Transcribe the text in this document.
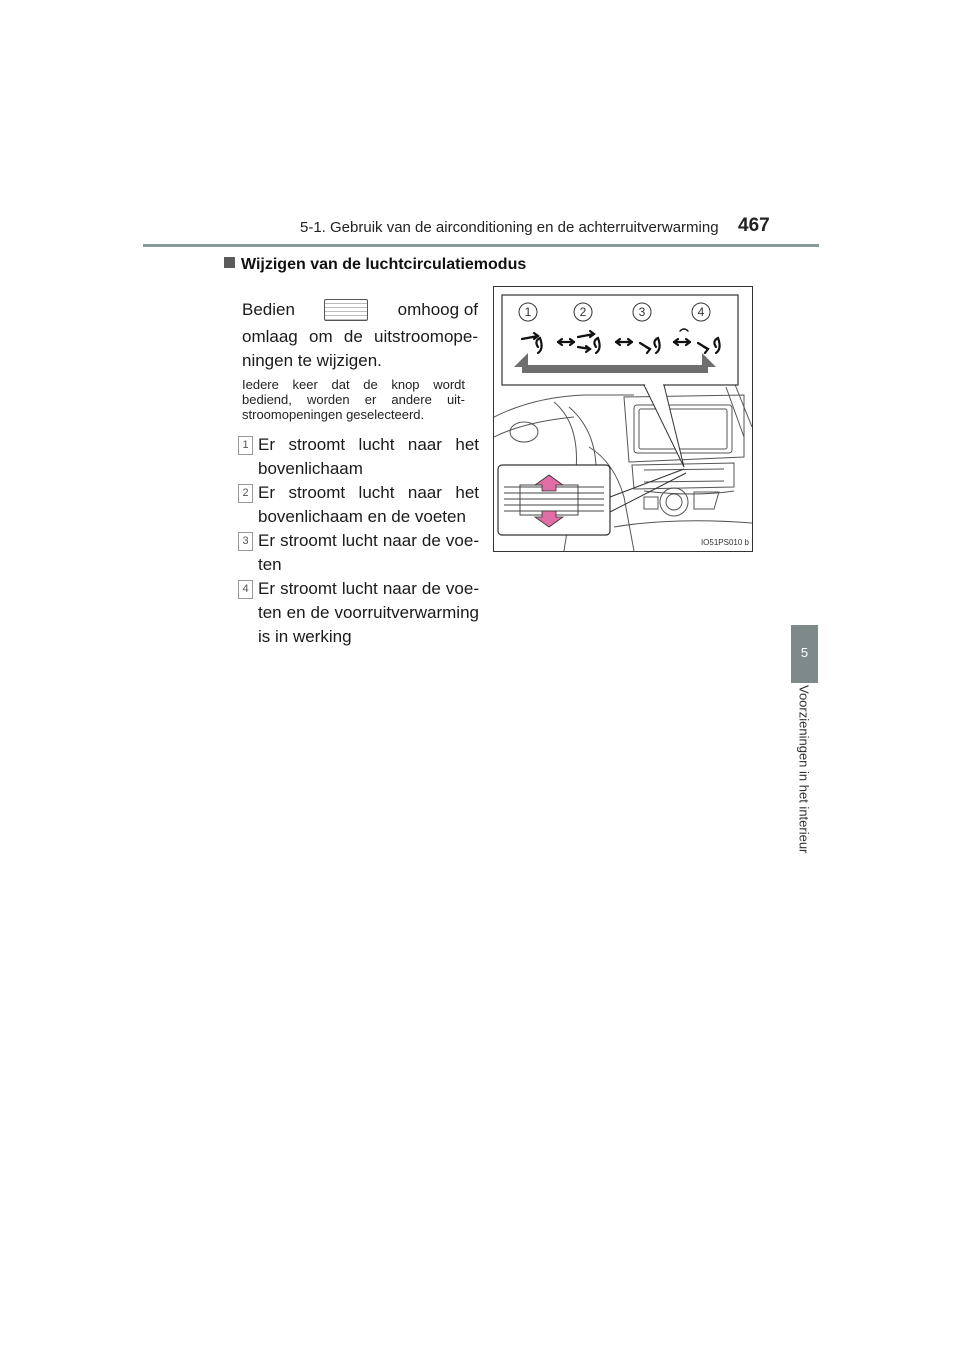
5-1. Gebruik van de airconditioning en de achterruitverwarming 467
5
Voorzieningen in het interieur
Wijzigen van de luchtcirculatiemodus
Bedien	omhoog of
omlaag om de uitstroomope-
ningen te wijzigen.
Iedere keer dat de knop wordt
bediend, worden er andere uit-
stroomopeningen geselecteerd.
1 Er stroomt lucht naar het
bovenlichaam
2 Er stroomt lucht naar het
bovenlichaam en de voeten
3 Er stroomt lucht naar de voe-
ten
4 Er stroomt lucht naar de voe-
ten en de voorruitverwarming
is in werking
1	2	3	4
IO51PS010 b
